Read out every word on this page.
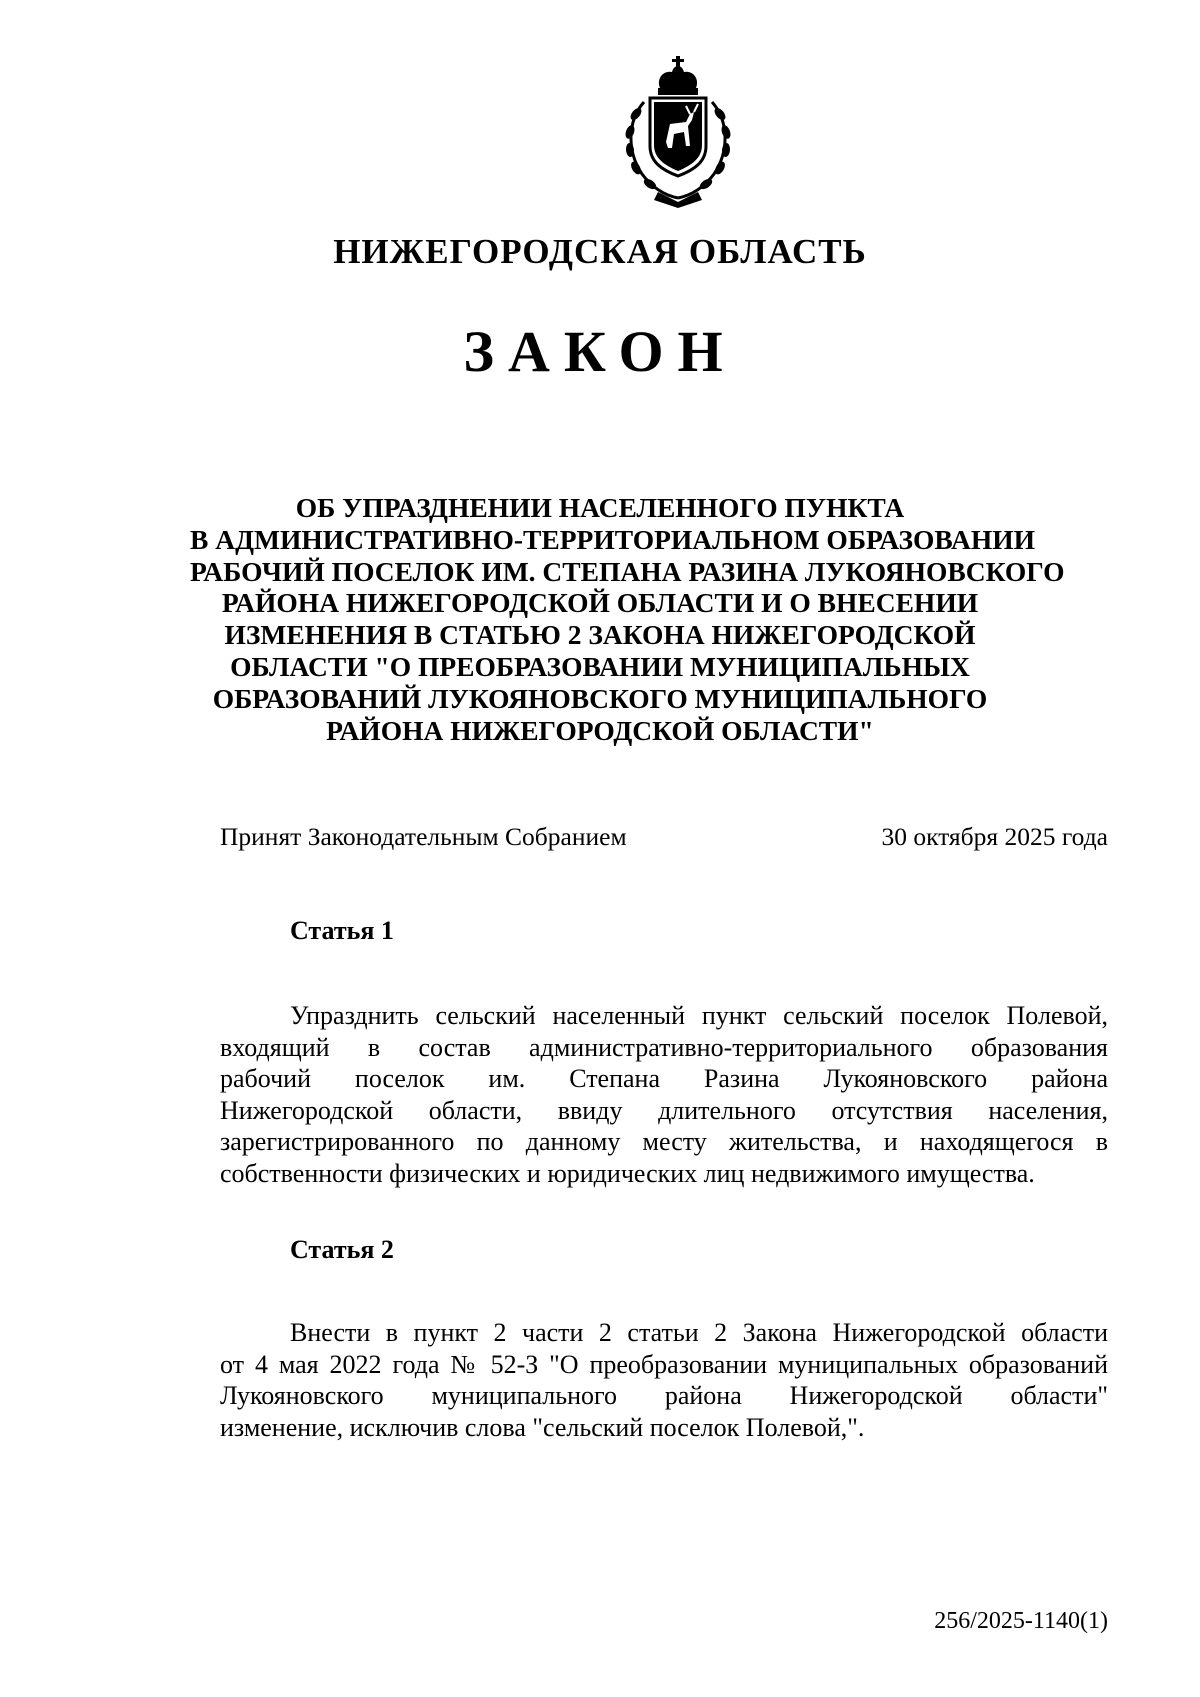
НИЖЕГОРОДСКАЯ ОБЛАСТЬ
ЗАКОН
ОБ УПРАЗДНЕНИИ НАСЕЛЕННОГО ПУНКТА
В АДМИНИСТРАТИВНО-ТЕРРИТОРИАЛЬНОМ ОБРАЗОВАНИИ
РАБОЧИЙ ПОСЕЛОК ИМ. СТЕПАНА РАЗИНА ЛУКОЯНОВСКОГО
РАЙОНА НИЖЕГОРОДСКОЙ ОБЛАСТИ И О ВНЕСЕНИИ
ИЗМЕНЕНИЯ В СТАТЬЮ 2 ЗАКОНА НИЖЕГОРОДСКОЙ
ОБЛАСТИ "О ПРЕОБРАЗОВАНИИ МУНИЦИПАЛЬНЫХ
ОБРАЗОВАНИЙ ЛУКОЯНОВСКОГО МУНИЦИПАЛЬНОГО
РАЙОНА НИЖЕГОРОДСКОЙ ОБЛАСТИ"
Принят Законодательным Собранием	30 октября 2025 года
Статья 1
Упразднить сельский населенный пункт сельский поселок Полевой,
входящий в состав административно-территориального образования
рабочий поселок им. Степана Разина Лукояновского района
Нижегородской области, ввиду длительного отсутствия населения,
зарегистрированного по данному месту жительства, и находящегося в
собственности физических и юридических лиц недвижимого имущества.
Статья 2
Внести в пункт 2 части 2 статьи 2 Закона Нижегородской области
от 4 мая 2022 года № 52-З "О преобразовании муниципальных образований
Лукояновского муниципального района Нижегородской области"
изменение, исключив слова "сельский поселок Полевой,".
256/2025-1140(1)
